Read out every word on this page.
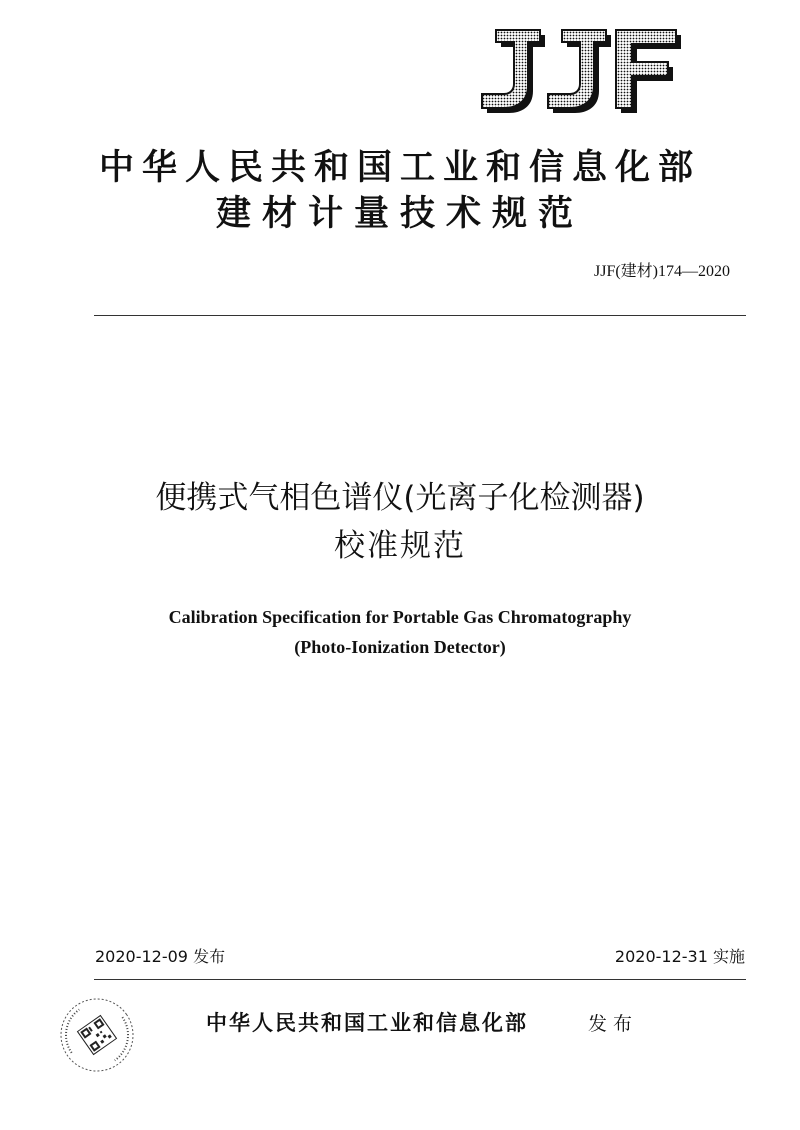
中华人民共和国工业和信息化部
建材计量技术规范
JJF(建材)174—2020
便携式气相色谱仪(光离子化检测器)
校准规范
Calibration Specification for Portable Gas Chromatography
(Photo-Ionization Detector)
2020-12-09 发布	2020-12-31 实施
中华人民共和国工业和信息化部	发布
